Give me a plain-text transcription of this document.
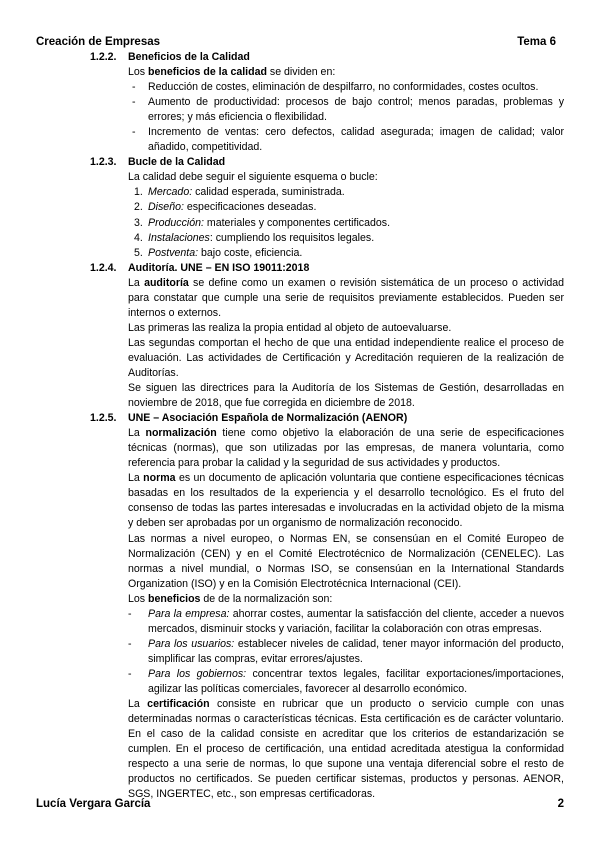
Creación de Empresas	Tema 6
1.2.2. Beneficios de la Calidad
Los beneficios de la calidad se dividen en:
- Reducción de costes, eliminación de despilfarro, no conformidades, costes ocultos.
- Aumento de productividad: procesos de bajo control; menos paradas, problemas y errores; y más eficiencia o flexibilidad.
- Incremento de ventas: cero defectos, calidad asegurada; imagen de calidad; valor añadido, competitividad.
1.2.3. Bucle de la Calidad
La calidad debe seguir el siguiente esquema o bucle:
1. Mercado: calidad esperada, suministrada.
2. Diseño: especificaciones deseadas.
3. Producción: materiales y componentes certificados.
4. Instalaciones: cumpliendo los requisitos legales.
5. Postventa: bajo coste, eficiencia.
1.2.4. Auditoría. UNE – EN ISO 19011:2018

La auditoría se define como un examen o revisión sistemática de un proceso o actividad para constatar que cumple una serie de requisitos previamente establecidos. Pueden ser internos o externos.

Las primeras las realiza la propia entidad al objeto de autoevaluarse.

Las segundas comportan el hecho de que una entidad independiente realice el proceso de evaluación. Las actividades de Certificación y Acreditación requieren de la realización de Auditorías.

Se siguen las directrices para la Auditoría de los Sistemas de Gestión, desarrolladas en noviembre de 2018, que fue corregida en diciembre de 2018.

1.2.5. UNE – Asociación Española de Normalización (AENOR)

La normalización tiene como objetivo la elaboración de una serie de especificaciones técnicas (normas), que son utilizadas por las empresas, de manera voluntaria, como referencia para probar la calidad y la seguridad de sus actividades y productos.

La norma es un documento de aplicación voluntaria que contiene especificaciones técnicas basadas en los resultados de la experiencia y el desarrollo tecnológico. Es el fruto del consenso de todas las partes interesadas e involucradas en la actividad objeto de la misma y deben ser aprobadas por un organismo de normalización reconocido.

Las normas a nivel europeo, o Normas EN, se consensúan en el Comité Europeo de Normalización (CEN) y en el Comité Electrotécnico de Normalización (CENELEC). Las normas a nivel mundial, o Normas ISO, se consensúan en la International Standards Organization (ISO) y en la Comisión Electrotécnica Internacional (CEI).

Los beneficios de de la normalización son:

- Para la empresa: ahorrar costes, aumentar la satisfacción del cliente, acceder a nuevos mercados, disminuir stocks y variación, facilitar la colaboración con otras empresas.
- Para los usuarios: establecer niveles de calidad, tener mayor información del producto, simplificar las compras, evitar errores/ajustes.
- Para los gobiernos: concentrar textos legales, facilitar exportaciones/importaciones, agilizar las políticas comerciales, favorecer al desarrollo económico.

La certificación consiste en rubricar que un producto o servicio cumple con unas determinadas normas o características técnicas. Esta certificación es de carácter voluntario. En el caso de la calidad consiste en acreditar que los criterios de estandarización se cumplen. En el proceso de certificación, una entidad acreditada atestigua la conformidad respecto a una serie de normas, lo que supone una ventaja diferencial sobre el resto de productos no certificados. Se pueden certificar sistemas, productos y personas. AENOR, SGS, INGERTEC, etc., son empresas certificadoras.

Lucía Vergara García	2
